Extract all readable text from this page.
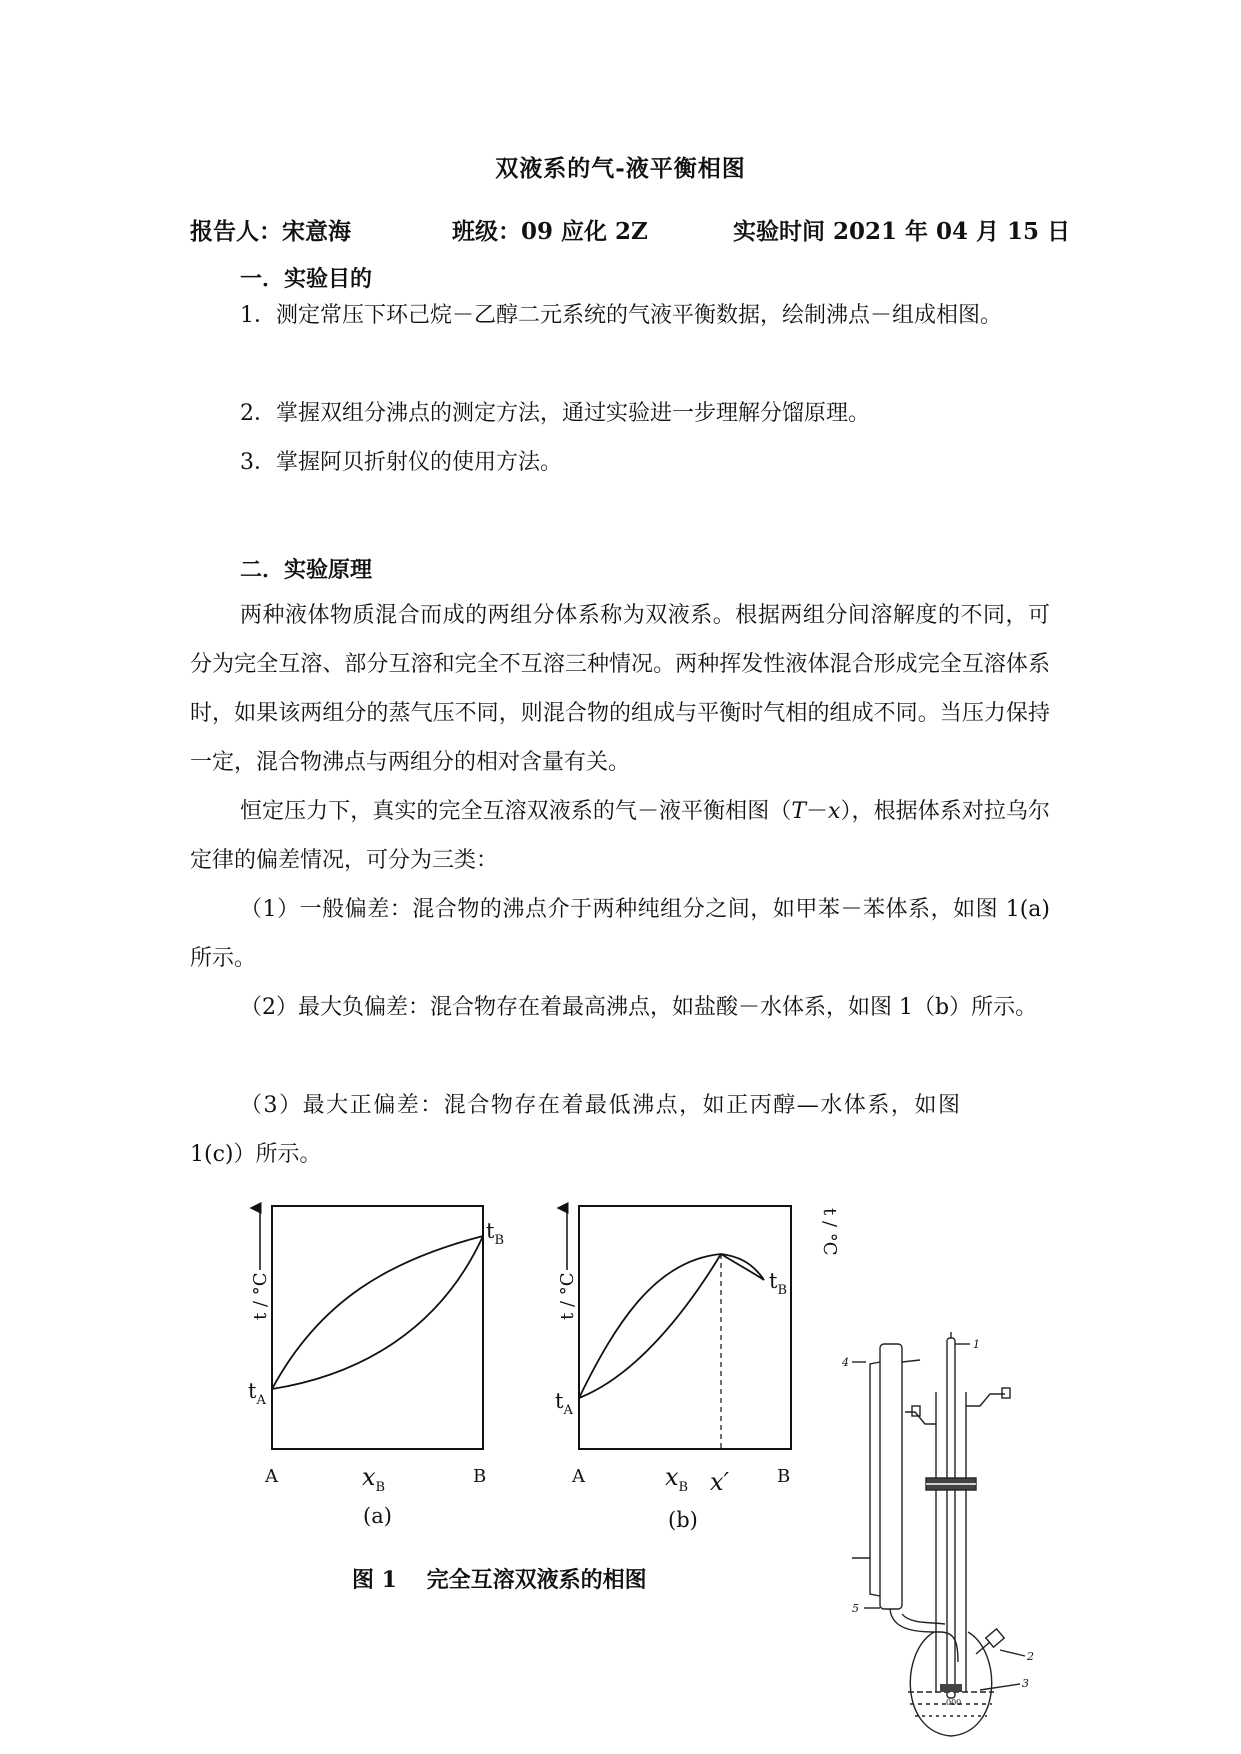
双液系的气-液平衡相图
报告人：宋意海	班级：09 应化 2Z	实验时间 2021 年 04 月 15 日
一．实验目的

1．测定常压下环己烷－乙醇二元系统的气液平衡数据，绘制沸点－组成相图。

2．掌握双组分沸点的测定方法，通过实验进一步理解分馏原理。

3．掌握阿贝折射仪的使用方法。

二．实验原理

两种液体物质混合而成的两组分体系称为双液系。根据两组分间溶解度的不同，可分为完全互溶、部分互溶和完全不互溶三种情况。两种挥发性液体混合形成完全互溶体系时，如果该两组分的蒸气压不同，则混合物的组成与平衡时气相的组成不同。当压力保持一定，混合物沸点与两组分的相对含量有关。

恒定压力下，真实的完全互溶双液系的气－液平衡相图（T－x），根据体系对拉乌尔定律的偏差情况，可分为三类：

（1）一般偏差：混合物的沸点介于两种纯组分之间，如甲苯－苯体系，如图 1(a)所示。

（2）最大负偏差：混合物存在着最高沸点，如盐酸－水体系，如图 1（b）所示。

（3）最大正偏差：混合物存在着最低沸点，如正丙醇—水体系，如图 1(c)）所示。

t / °C
$t_A$
$t_B$
A	B
$x_B$
(a)
t / °C
$t_A$
$t_B$
A	B
$x_B$ x′
(b)
t / °C
图 1　 完全互溶双液系的相图
000
1
2
3
4
5
